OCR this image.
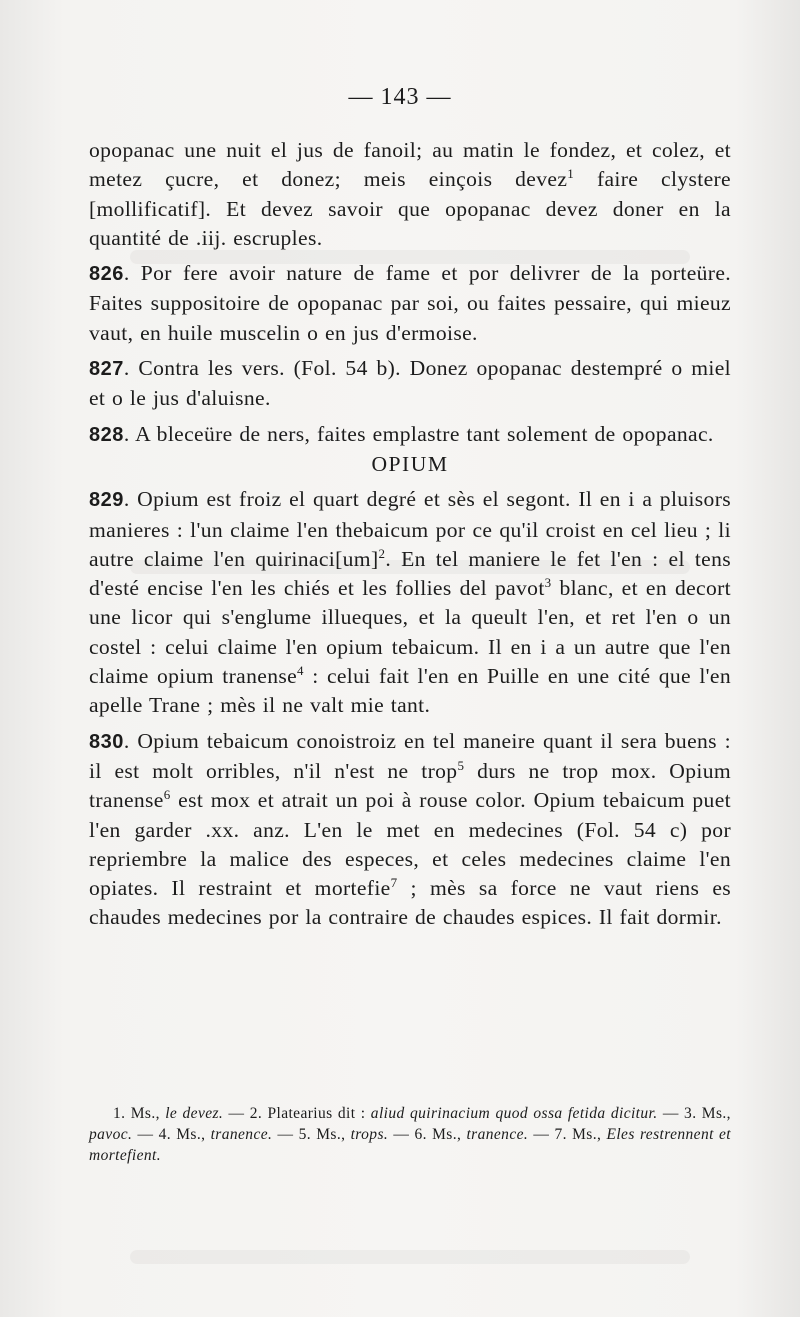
— 143 —

opopanac une nuit el jus de fanoil; au matin le fondez, et colez, et metez çucre, et donez; meis einçois devez$^1$ faire clystere [mollificatif]. Et devez savoir que opopanac devez doner en la quantité de .iij. escruples.

826. Por fere avoir nature de fame et por delivrer de la porteüre. Faites suppositoire de opopanac par soi, ou faites pessaire, qui mieuz vaut, en huile muscelin o en jus d'ermoise.

827. Contra les vers. (Fol. 54 b). Donez opopanac destempré o miel et o le jus d'aluisne.

828. A bleceüre de ners, faites emplastre tant solement de opopanac.

OPIUM

829. Opium est froiz el quart degré et sès el segont. Il en i a pluisors manieres : l'un claime l'en thebaicum por ce qu'il croist en cel lieu ; li autre claime l'en quirinaci[um]$^2$. En tel maniere le fet l'en : el tens d'esté encise l'en les chiés et les follies del pavot$^3$ blanc, et en decort une licor qui s'englume illueques, et la queult l'en, et ret l'en o un costel : celui claime l'en opium tebaicum. Il en i a un autre que l'en claime opium tranense$^4$ : celui fait l'en en Puille en une cité que l'en apelle Trane ; mès il ne valt mie tant.

830. Opium tebaicum conoistroiz en tel maneire quant il sera buens : il est molt orribles, n'il n'est ne trop$^5$ durs ne trop mox. Opium tranense$^6$ est mox et atrait un poi à rouse color. Opium tebaicum puet l'en garder .xx. anz. L'en le met en medecines (Fol. 54 c) por repriembre la malice des especes, et celes medecines claime l'en opiates. Il restraint et mortefie$^7$ ; mès sa force ne vaut riens es chaudes medecines por la contraire de chaudes espices. Il fait dormir.

1. Ms., le devez. — 2. Platearius dit : aliud quirinacium quod ossa fetida dicitur. — 3. Ms., pavoc. — 4. Ms., tranence. — 5. Ms., trops. — 6. Ms., tranence. — 7. Ms., Eles restrennent et mortefient.
